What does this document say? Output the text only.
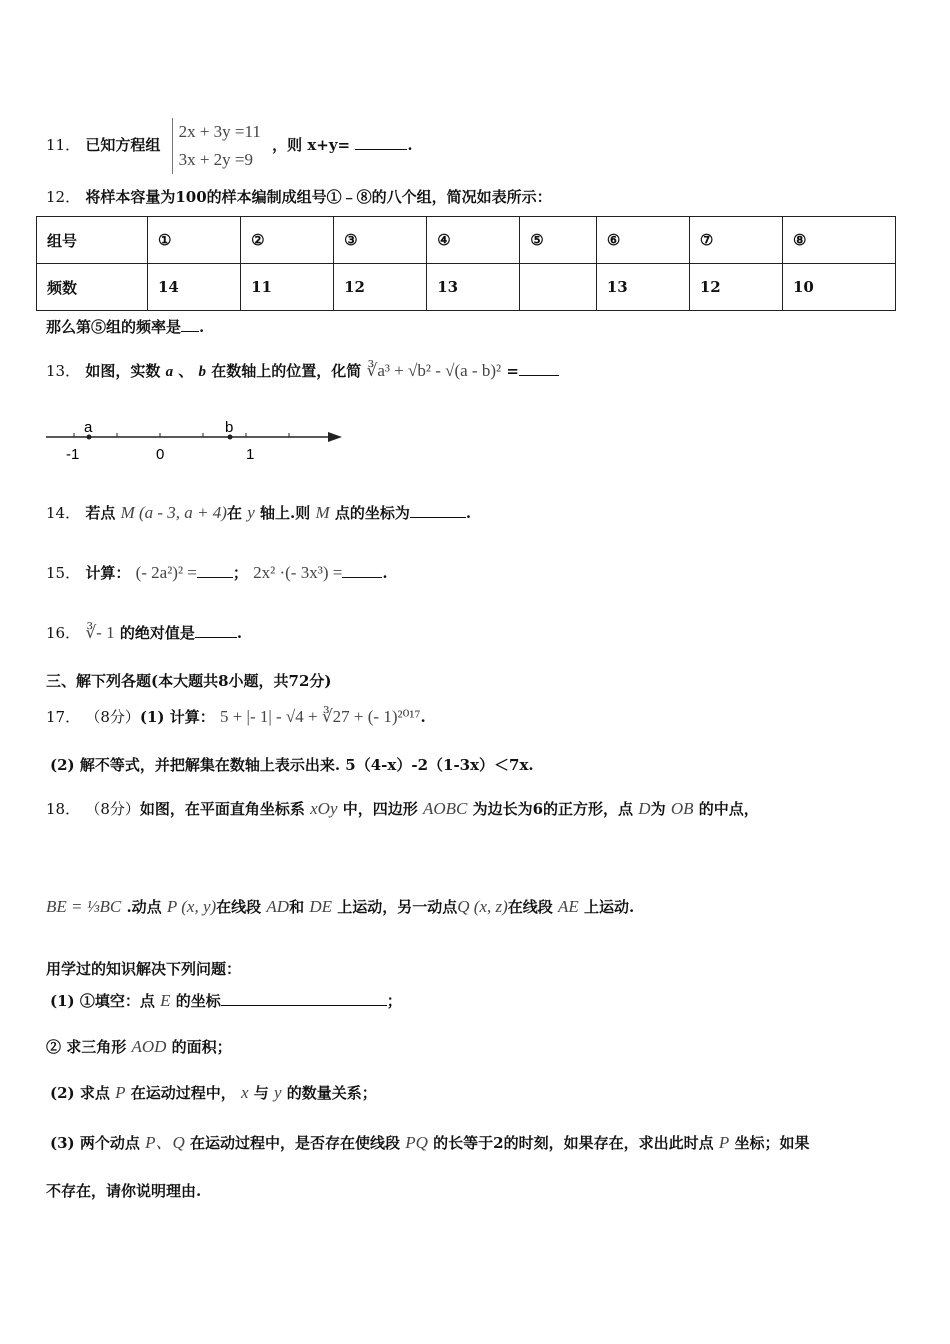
11． 已知方程组
2x + 3y =11
3x + 2y =9
，则 x+y=	.
12． 将样本容量为100的样本编制成组号①﹣⑧的八个组，简况如表所示：
组号	①	②	③	④	⑤	⑥	⑦	⑧
频数	14	11	12	13		13	12	10
那么第⑤组的频率是 .
13． 如图，实数 a 、 b 在数轴上的位置，化简 ∛a³ + √b² - √(a - b)² =
a	b
-1	0	1
14． 若点 M (a - 3, a + 4)在 y 轴上.则 M 点的坐标为	.
15． 计算： (- 2a²)² = ； 2x² ·(- 3x³) =	.
16． ∛- 1 的绝对值是	.
三、解下列各题(本大题共8小题，共72分)
17． （8分）(1) 计算： 5 + |- 1| - √4 + ∛27 + (- 1)²⁰¹⁷.
(2) 解不等式，并把解集在数轴上表示出来. 5（4-x）-2（1-3x）＜7x.
18． （8分）如图，在平面直角坐标系 xOy 中，四边形 AOBC 为边长为6的正方形，点 D为 OB 的中点，
BE = ⅓BC .动点 P (x, y)在线段 AD和 DE 上运动，另一动点Q (x, z)在线段 AE 上运动.
用学过的知识解决下列问题：
(1) ①填空：点 E 的坐标	；
② 求三角形 AOD 的面积；
(2) 求点 P 在运动过程中， x 与 y 的数量关系；
(3) 两个动点 P、Q 在运动过程中，是否存在使线段 PQ 的长等于2的时刻，如果存在，求出此时点 P 坐标；如果
不存在，请你说明理由.
